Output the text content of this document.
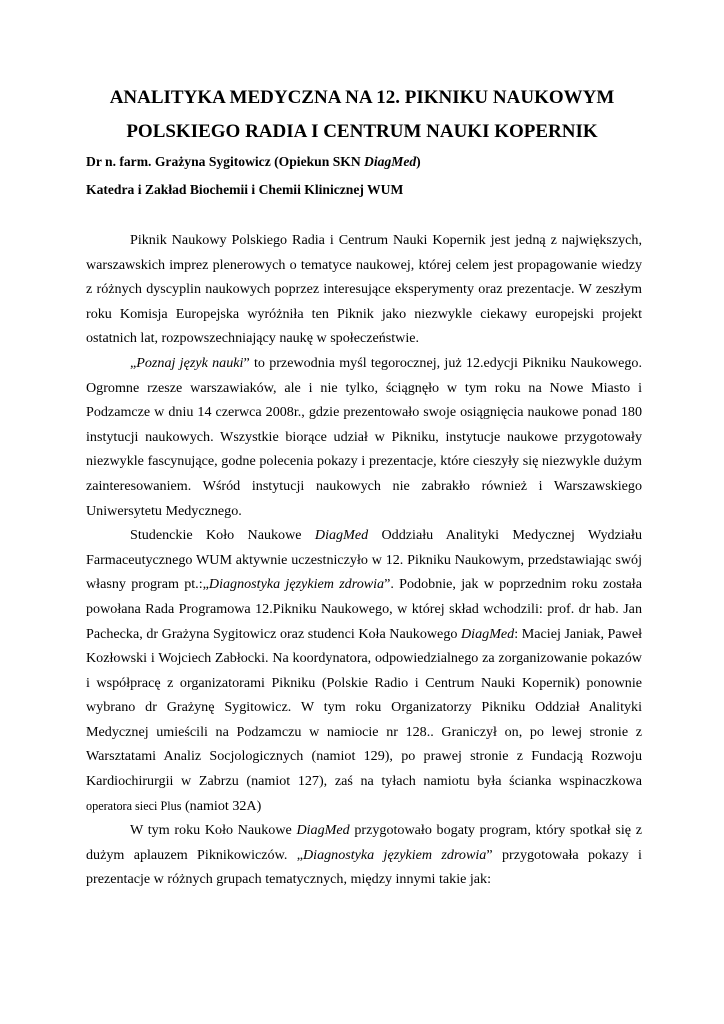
ANALITYKA MEDYCZNA NA 12. PIKNIKU NAUKOWYM
POLSKIEGO RADIA I CENTRUM NAUKI KOPERNIK
Dr n. farm. Grażyna Sygitowicz (Opiekun SKN DiagMed)
Katedra i Zakład Biochemii i Chemii Klinicznej WUM

Piknik Naukowy Polskiego Radia i Centrum Nauki Kopernik jest jedną z największych, warszawskich imprez plenerowych o tematyce naukowej, której celem jest propagowanie wiedzy z różnych dyscyplin naukowych poprzez interesujące eksperymenty oraz prezentacje. W zeszłym roku Komisja Europejska wyróżniła ten Piknik jako niezwykle ciekawy europejski projekt ostatnich lat, rozpowszechniający naukę w społeczeństwie.

„Poznaj język nauki” to przewodnia myśl tegorocznej, już 12.edycji Pikniku Naukowego. Ogromne rzesze warszawiaków, ale i nie tylko, ściągnęło w tym roku na Nowe Miasto i Podzamcze w dniu 14 czerwca 2008r., gdzie prezentowało swoje osiągnięcia naukowe ponad 180 instytucji naukowych. Wszystkie biorące udział w Pikniku, instytucje naukowe przygotowały niezwykle fascynujące, godne polecenia pokazy i prezentacje, które cieszyły się niezwykle dużym zainteresowaniem. Wśród instytucji naukowych nie zabrakło również i Warszawskiego Uniwersytetu Medycznego.

Studenckie Koło Naukowe DiagMed Oddziału Analityki Medycznej Wydziału Farmaceutycznego WUM aktywnie uczestniczyło w 12. Pikniku Naukowym, przedstawiając swój własny program pt.:„Diagnostyka językiem zdrowia”. Podobnie, jak w poprzednim roku została powołana Rada Programowa 12.Pikniku Naukowego, w której skład wchodzili: prof. dr hab. Jan Pachecka, dr Grażyna Sygitowicz oraz studenci Koła Naukowego DiagMed: Maciej Janiak, Paweł Kozłowski i Wojciech Zabłocki. Na koordynatora, odpowiedzialnego za zorganizowanie pokazów i współpracę z organizatorami Pikniku (Polskie Radio i Centrum Nauki Kopernik) ponownie wybrano dr Grażynę Sygitowicz. W tym roku Organizatorzy Pikniku Oddział Analityki Medycznej umieścili na Podzamczu w namiocie nr 128.. Graniczył on, po lewej stronie z Warsztatami Analiz Socjologicznych (namiot 129), po prawej stronie z Fundacją Rozwoju Kardiochirurgii w Zabrzu (namiot 127), zaś na tyłach namiotu była ścianka wspinaczkowa operatora sieci Plus (namiot 32A)

W tym roku Koło Naukowe DiagMed przygotowało bogaty program, który spotkał się z dużym aplauzem Piknikowiczów. „Diagnostyka językiem zdrowia” przygotowała pokazy i prezentacje w różnych grupach tematycznych, między innymi takie jak:
